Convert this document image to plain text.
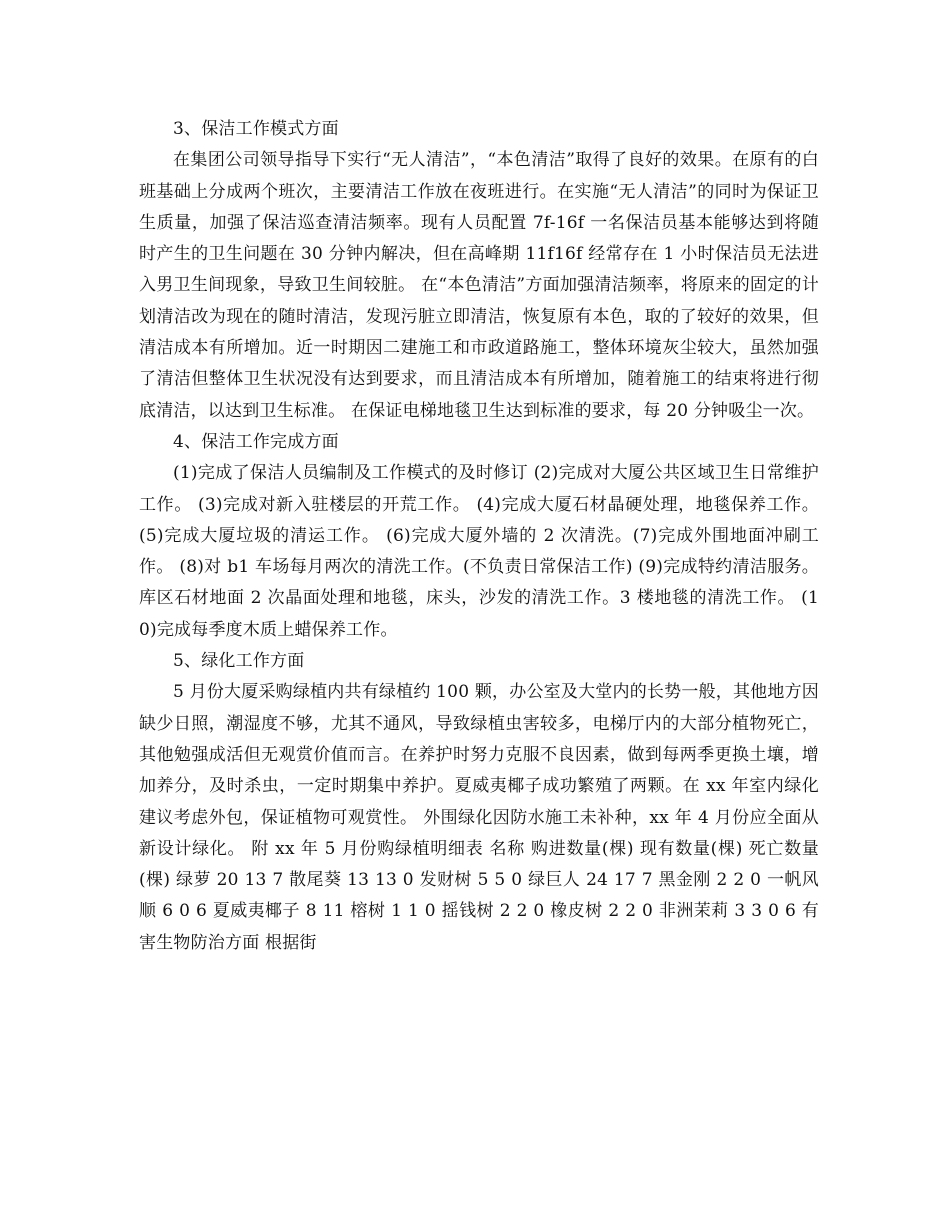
3、保洁工作模式方面

在集团公司领导指导下实行“无人清洁”，“本色清洁”取得了良好的效果。在原有的白班基础上分成两个班次，主要清洁工作放在夜班进行。在实施“无人清洁”的同时为保证卫生质量，加强了保洁巡查清洁频率。现有人员配置 7f-16f 一名保洁员基本能够达到将随时产生的卫生问题在 30 分钟内解决，但在高峰期 11f16f 经常存在 1 小时保洁员无法进入男卫生间现象，导致卫生间较脏。 在“本色清洁”方面加强清洁频率，将原来的固定的计划清洁改为现在的随时清洁，发现污脏立即清洁，恢复原有本色，取的了较好的效果，但清洁成本有所增加。近一时期因二建施工和市政道路施工，整体环境灰尘较大，虽然加强了清洁但整体卫生状况没有达到要求，而且清洁成本有所增加，随着施工的结束将进行彻底清洁，以达到卫生标准。 在保证电梯地毯卫生达到标准的要求，每 20 分钟吸尘一次。

4、保洁工作完成方面

(1)完成了保洁人员编制及工作模式的及时修订 (2)完成对大厦公共区域卫生日常维护工作。 (3)完成对新入驻楼层的开荒工作。 (4)完成大厦石材晶硬处理，地毯保养工作。 (5)完成大厦垃圾的清运工作。 (6)完成大厦外墙的 2 次清洗。(7)完成外围地面冲刷工作。 (8)对 b1 车场每月两次的清洗工作。(不负责日常保洁工作) (9)完成特约清洁服务。库区石材地面 2 次晶面处理和地毯，床头，沙发的清洗工作。3 楼地毯的清洗工作。 (10)完成每季度木质上蜡保养工作。

5、绿化工作方面

5 月份大厦采购绿植内共有绿植约 100 颗，办公室及大堂内的长势一般，其他地方因缺少日照，潮湿度不够，尤其不通风，导致绿植虫害较多，电梯厅内的大部分植物死亡，其他勉强成活但无观赏价值而言。在养护时努力克服不良因素，做到每两季更换土壤，增加养分，及时杀虫，一定时期集中养护。夏威夷椰子成功繁殖了两颗。在 xx 年室内绿化建议考虑外包，保证植物可观赏性。 外围绿化因防水施工未补种，xx 年 4 月份应全面从新设计绿化。 附 xx 年 5 月份购绿植明细表 名称 购进数量(棵) 现有数量(棵) 死亡数量(棵) 绿萝 20 13 7 散尾葵 13 13 0 发财树 5 5 0 绿巨人 24 17 7 黑金刚 2 2 0 一帆风顺 6 0 6 夏威夷椰子 8 11 榕树 1 1 0 摇钱树 2 2 0 橡皮树 2 2 0 非洲茉莉 3 3 0 6 有害生物防治方面 根据街
